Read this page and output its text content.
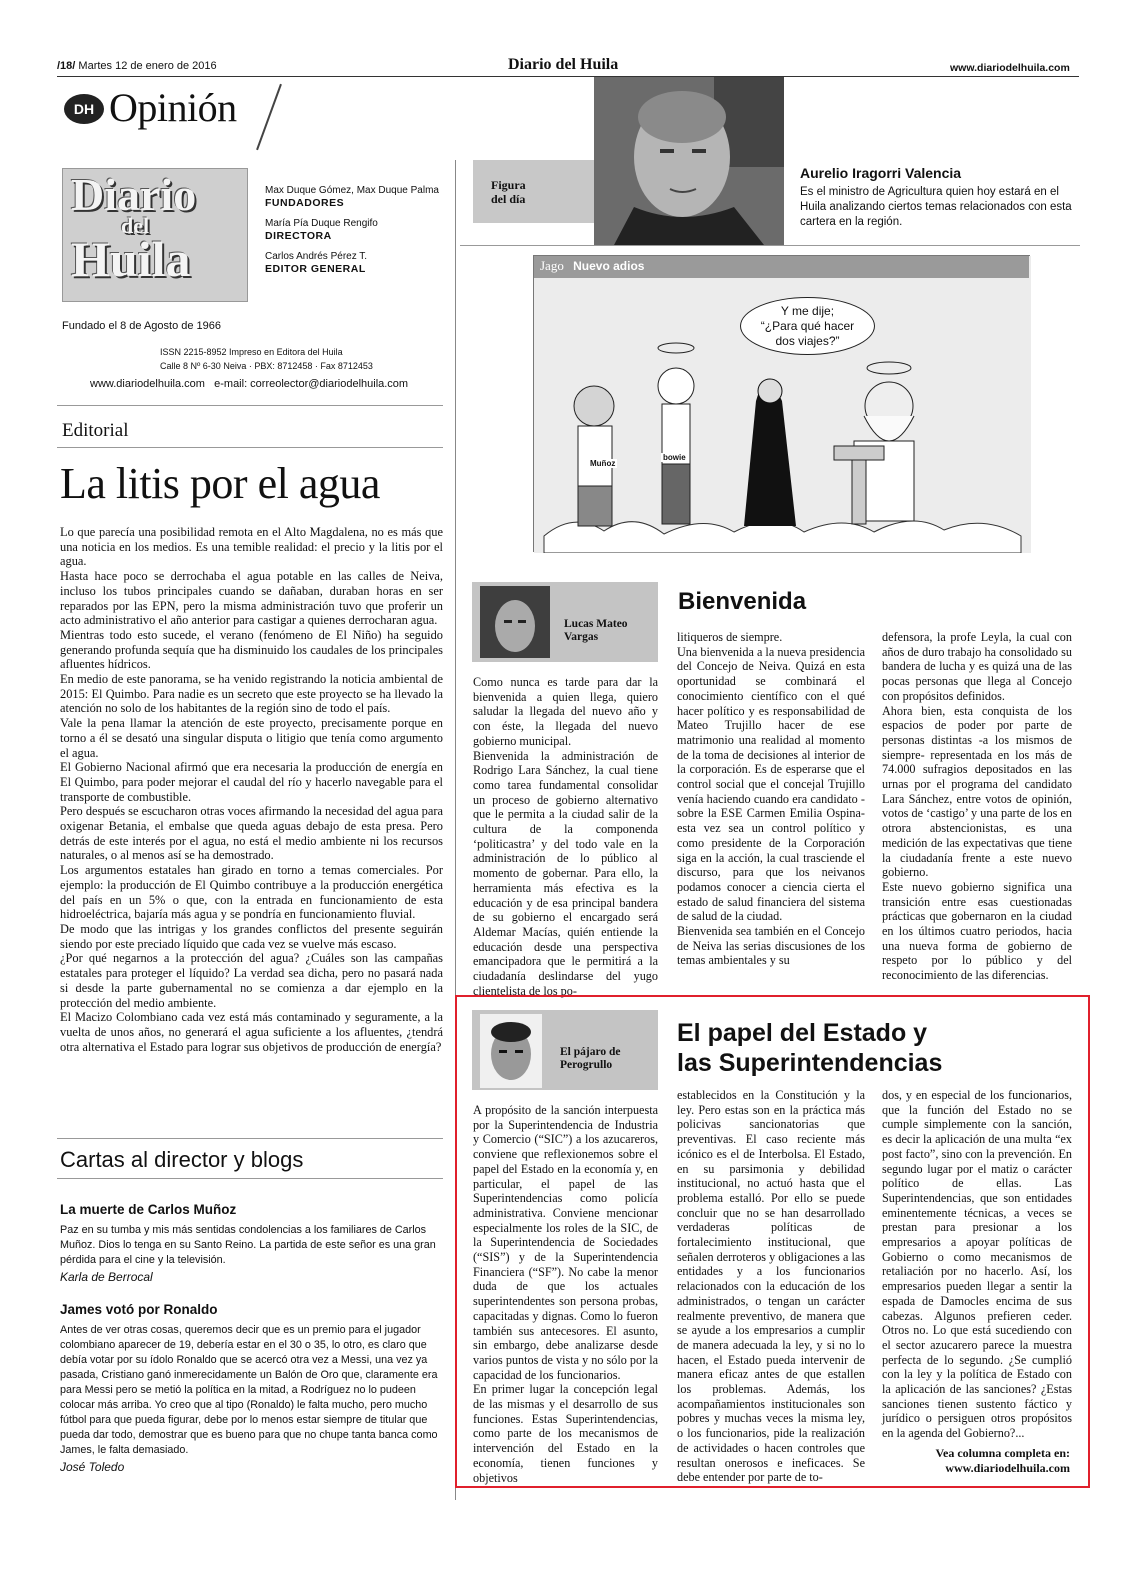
/18/ Martes 12 de enero de 2016	Diario del Huila	www.diariodelhuila.com
DH Opinión
Diario
del
Huila
Max Duque Gómez, Max Duque Palma
FUNDADORES
María Pía Duque Rengifo
DIRECTORA
Carlos Andrés Pérez T.
EDITOR GENERAL
Fundado el 8 de Agosto de 1966
ISSN 2215-8952 Impreso en Editora del Huila
Calle 8 Nº 6-30 Neiva · PBX: 8712458 · Fax 8712453
www.diariodelhuila.com e-mail: correolector@diariodelhuila.com
Editorial
La litis por el agua

Lo que parecía una posibilidad remota en el Alto Magdalena, no es más que una noticia en los medios. Es una temible realidad: el precio y la litis por el agua.

Hasta hace poco se derrochaba el agua potable en las calles de Neiva, incluso los tubos principales cuando se dañaban, duraban horas en ser reparados por las EPN, pero la misma administración tuvo que proferir un acto administrativo el año anterior para castigar a quienes derrocharan agua.

Mientras todo esto sucede, el verano (fenómeno de El Niño) ha seguido generando profunda sequía que ha disminuido los caudales de los principales afluentes hídricos.

En medio de este panorama, se ha venido registrando la noticia ambiental de 2015: El Quimbo. Para nadie es un secreto que este proyecto se ha llevado la atención no solo de los habitantes de la región sino de todo el país.

Vale la pena llamar la atención de este proyecto, precisamente porque en torno a él se desató una singular disputa o litigio que tenía como argumento el agua.

El Gobierno Nacional afirmó que era necesaria la producción de energía en El Quimbo, para poder mejorar el caudal del río y hacerlo navegable para el transporte de combustible.

Pero después se escucharon otras voces afirmando la necesidad del agua para oxigenar Betania, el embalse que queda aguas debajo de esta presa. Pero detrás de este interés por el agua, no está el medio ambiente ni los recursos naturales, o al menos así se ha demostrado.

Los argumentos estatales han girado en torno a temas comerciales. Por ejemplo: la producción de El Quimbo contribuye a la producción energética del país en un 5% o que, con la entrada en funcionamiento de esta hidroeléctrica, bajaría más agua y se pondría en funcionamiento fluvial.

De modo que las intrigas y los grandes conflictos del presente seguirán siendo por este preciado líquido que cada vez se vuelve más escaso.

¿Por qué negarnos a la protección del agua? ¿Cuáles son las campañas estatales para proteger el líquido? La verdad sea dicha, pero no pasará nada si desde la parte gubernamental no se comienza a dar ejemplo en la protección del medio ambiente.

El Macizo Colombiano cada vez está más contaminado y seguramente, a la vuelta de unos años, no generará el agua suficiente a los afluentes, ¿tendrá otra alternativa el Estado para lograr sus objetivos de producción de energía?

Cartas al director y blogs
La muerte de Carlos Muñoz
Paz en su tumba y mis más sentidas condolencias a los familiares de Carlos Muñoz. Dios lo tenga en su Santo Reino. La partida de este señor es una gran pérdida para el cine y la televisión.
Karla de Berrocal
James votó por Ronaldo
Antes de ver otras cosas, queremos decir que es un premio para el jugador colombiano aparecer de 19, debería estar en el 30 o 35, lo otro, es claro que debía votar por su ídolo Ronaldo que se acercó otra vez a Messi, una vez ya pasada, Cristiano ganó inmerecidamente un Balón de Oro que, claramente era para Messi pero se metió la política en la mitad, a Rodríguez no lo pudeen colocar más arriba. Yo creo que al tipo (Ronaldo) le falta mucho, pero mucho fútbol para que pueda figurar, debe por lo menos estar siempre de titular que pueda dar todo, demostrar que es bueno para que no chupe tanta banca como James, le falta demasiado.
José Toledo
Figura
del día
Aurelio Iragorri Valencia
Es el ministro de Agricultura quien hoy estará en el Huila analizando ciertos temas relacionados con esta cartera en la región.
Jago Nuevo adios
Y me dije;
“¿Para qué hacer
dos viajes?”
Muñoz
bowie
Lucas Mateo
Vargas
Bienvenida
Como nunca es tarde para dar la bienvenida a quien llega, quiero saludar la llegada del nuevo año y con éste, la llegada del nuevo gobierno municipal.
Bienvenida la administración de Rodrigo Lara Sánchez, la cual tiene como tarea fundamental consolidar un proceso de gobierno alternativo que le permita a la ciudad salir de la cultura de la componenda ‘politicastra’ y del todo vale en la administración de lo público al momento de gobernar. Para ello, la herramienta más efectiva es la educación y de esa principal bandera de su gobierno el encargado será Aldemar Macías, quién entiende la educación desde una perspectiva emancipadora que le permitirá a la ciudadanía deslindarse del yugo clientelista de los po-
litiqueros de siempre.
Una bienvenida a la nueva presidencia del Concejo de Neiva. Quizá en esta oportunidad se combinará el conocimiento científico con el qué hacer político y es responsabilidad de Mateo Trujillo hacer de ese matrimonio una realidad al momento de la toma de decisiones al interior de la corporación. Es de esperarse que el control social que el concejal Trujillo venía haciendo cuando era candidato -sobre la ESE Carmen Emilia Ospina- esta vez sea un control político y como presidente de la Corporación siga en la acción, la cual trasciende el discurso, para que los neivanos podamos conocer a ciencia cierta el estado de salud financiera del sistema de salud de la ciudad.
Bienvenida sea también en el Concejo de Neiva las serias discusiones de los temas ambientales y su
defensora, la profe Leyla, la cual con años de duro trabajo ha consolidado su bandera de lucha y es quizá una de las pocas personas que llega al Concejo con propósitos definidos.
Ahora bien, esta conquista de los espacios de poder por parte de personas distintas -a los mismos de siempre- representada en los más de 74.000 sufragios depositados en las urnas por el programa del candidato Lara Sánchez, entre votos de opinión, votos de ‘castigo’ y una parte de los en otrora abstencionistas, es una medición de las expectativas que tiene la ciudadanía frente a este nuevo gobierno.
Este nuevo gobierno significa una transición entre esas cuestionadas prácticas que gobernaron en la ciudad en los últimos cuatro periodos, hacia una nueva forma de gobierno de respeto por lo público y del reconocimiento de las diferencias.
El pájaro de
Perogrullo
El papel del Estado y
las Superintendencias
A propósito de la sanción interpuesta por la Superintendencia de Industria y Comercio (“SIC”) a los azucareros, conviene que reflexionemos sobre el papel del Estado en la economía y, en particular, el papel de las Superintendencias como policía administrativa. Conviene mencionar especialmente los roles de la SIC, de la Superintendencia de Sociedades (“SIS”) y de la Superintendencia Financiera (“SF”). No cabe la menor duda de que los actuales superintendentes son persona probas, capacitadas y dignas. Como lo fueron también sus antecesores. El asunto, sin embargo, debe analizarse desde varios puntos de vista y no sólo por la capacidad de los funcionarios.
En primer lugar la concepción legal de las mismas y el desarrollo de sus funciones. Estas Superintendencias, como parte de los mecanismos de intervención del Estado en la economía, tienen funciones y objetivos
establecidos en la Constitución y la ley. Pero estas son en la práctica más policivas sancionatorias que preventivas. El caso reciente más icónico es el de Interbolsa. El Estado, en su parsimonia y debilidad institucional, no actuó hasta que el problema estalló. Por ello se puede concluir que no se han desarrollado verdaderas políticas de fortalecimiento institucional, que señalen derroteros y obligaciones a las entidades y a los funcionarios relacionados con la educación de los administrados, o tengan un carácter realmente preventivo, de manera que se ayude a los empresarios a cumplir de manera adecuada la ley, y si no lo hacen, el Estado pueda intervenir de manera eficaz antes de que estallen los problemas. Además, los acompañamientos institucionales son pobres y muchas veces la misma ley, o los funcionarios, pide la realización de actividades o hacen controles que resultan onerosos e ineficaces. Se debe entender por parte de to-
dos, y en especial de los funcionarios, que la función del Estado no se cumple simplemente con la sanción, es decir la aplicación de una multa “ex post facto”, sino con la prevención. En segundo lugar por el matiz o carácter político de ellas. Las Superintendencias, que son entidades eminentemente técnicas, a veces se prestan para presionar a los empresarios a apoyar políticas de Gobierno o como mecanismos de retaliación por no hacerlo. Así, los empresarios pueden llegar a sentir la espada de Damocles encima de sus cabezas. Algunos prefieren ceder. Otros no. Lo que está sucediendo con el sector azucarero parece la muestra perfecta de lo segundo. ¿Se cumplió con la ley y la política de Estado con la aplicación de las sanciones? ¿Estas sanciones tienen sustento fáctico y jurídico o persiguen otros propósitos en la agenda del Gobierno?...
Vea columna completa en:
www.diariodelhuila.com
